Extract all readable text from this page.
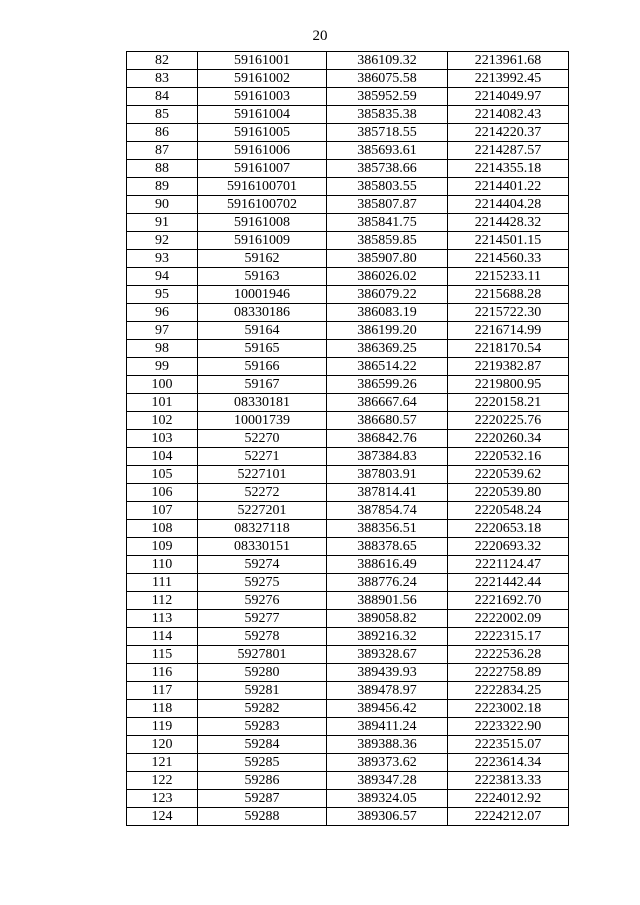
20
82	59161001	386109.32	2213961.68
83	59161002	386075.58	2213992.45
84	59161003	385952.59	2214049.97
85	59161004	385835.38	2214082.43
86	59161005	385718.55	2214220.37
87	59161006	385693.61	2214287.57
88	59161007	385738.66	2214355.18
89	5916100701	385803.55	2214401.22
90	5916100702	385807.87	2214404.28
91	59161008	385841.75	2214428.32
92	59161009	385859.85	2214501.15
93	59162	385907.80	2214560.33
94	59163	386026.02	2215233.11
95	10001946	386079.22	2215688.28
96	08330186	386083.19	2215722.30
97	59164	386199.20	2216714.99
98	59165	386369.25	2218170.54
99	59166	386514.22	2219382.87
100	59167	386599.26	2219800.95
101	08330181	386667.64	2220158.21
102	10001739	386680.57	2220225.76
103	52270	386842.76	2220260.34
104	52271	387384.83	2220532.16
105	5227101	387803.91	2220539.62
106	52272	387814.41	2220539.80
107	5227201	387854.74	2220548.24
108	08327118	388356.51	2220653.18
109	08330151	388378.65	2220693.32
110	59274	388616.49	2221124.47
111	59275	388776.24	2221442.44
112	59276	388901.56	2221692.70
113	59277	389058.82	2222002.09
114	59278	389216.32	2222315.17
115	5927801	389328.67	2222536.28
116	59280	389439.93	2222758.89
117	59281	389478.97	2222834.25
118	59282	389456.42	2223002.18
119	59283	389411.24	2223322.90
120	59284	389388.36	2223515.07
121	59285	389373.62	2223614.34
122	59286	389347.28	2223813.33
123	59287	389324.05	2224012.92
124	59288	389306.57	2224212.07
